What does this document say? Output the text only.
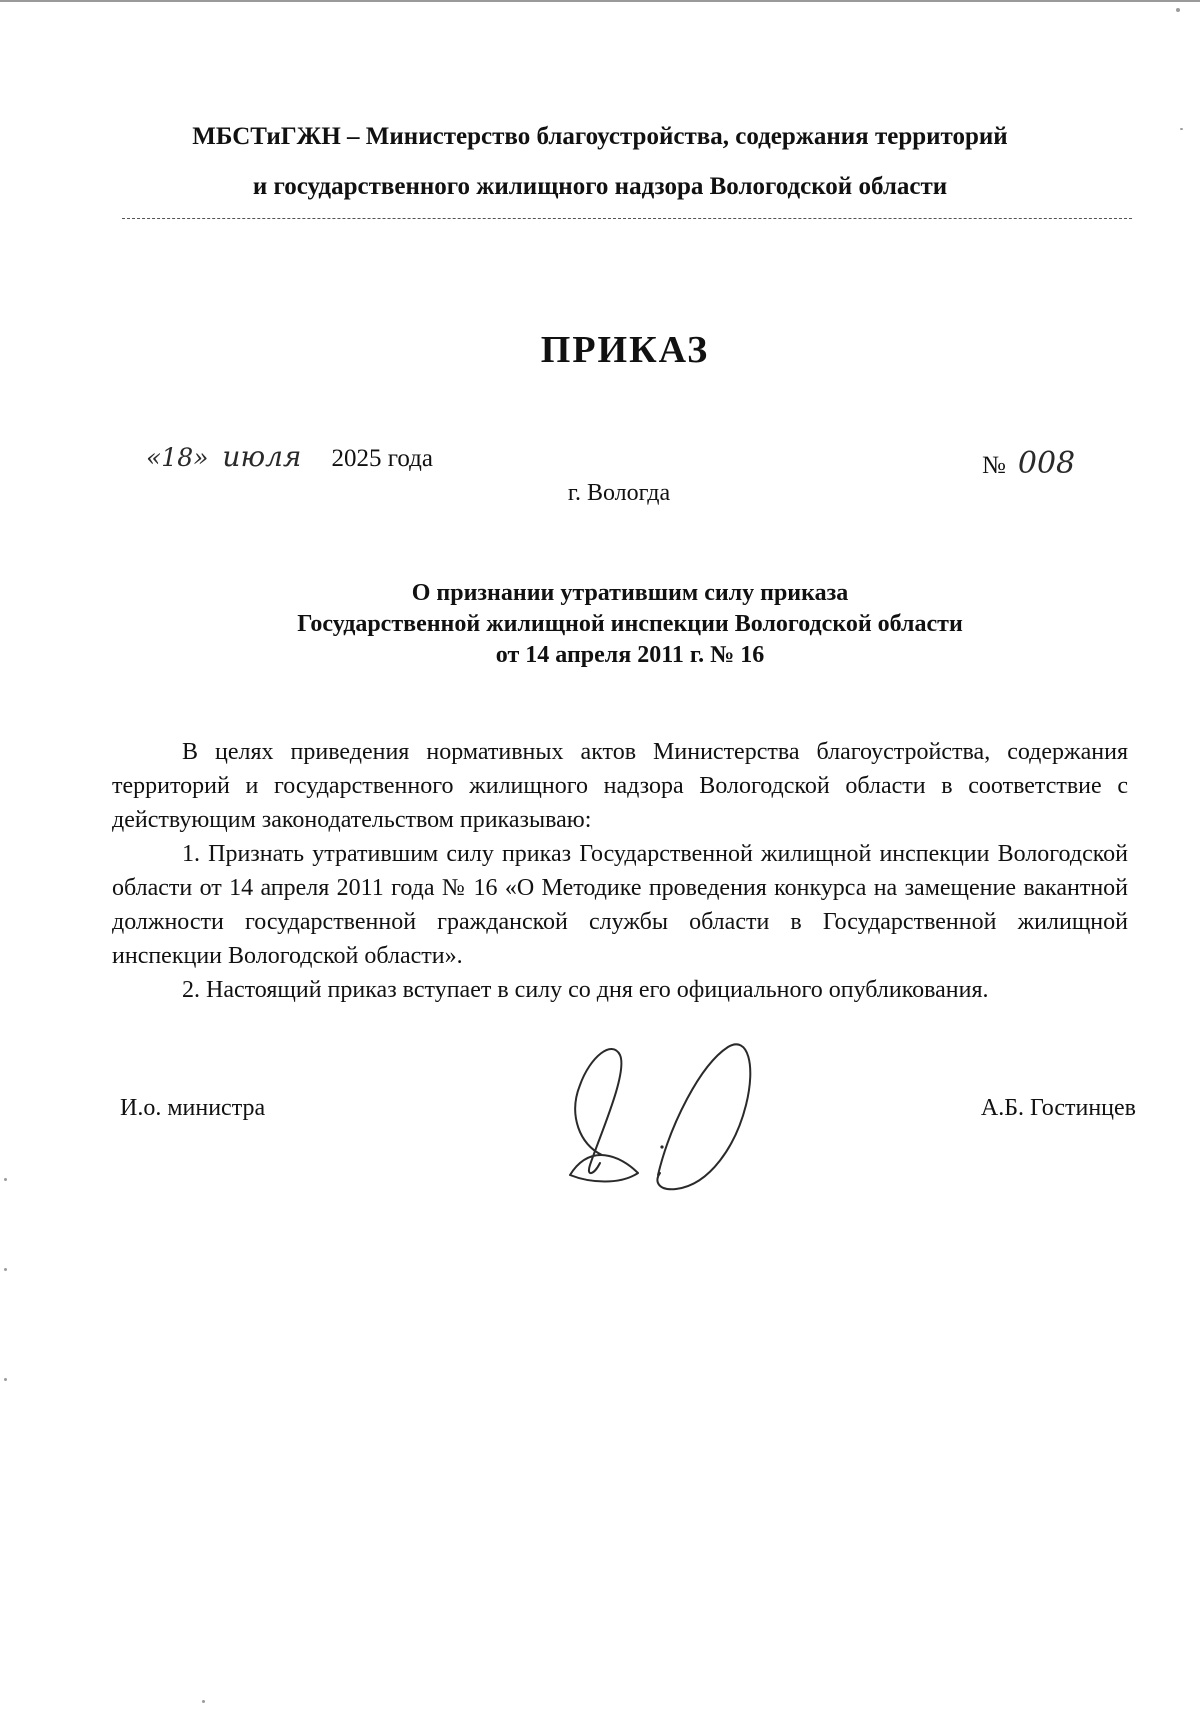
МБСТиГЖН – Министерство благоустройства, содержания территорий
и государственного жилищного надзора Вологодской области
ПРИКАЗ
«18» июля 2025 года	№ 008
г. Вологда
О признании утратившим силу приказа
Государственной жилищной инспекции Вологодской области
от 14 апреля 2011 г. № 16

В целях приведения нормативных актов Министерства благоустройства, содержания территорий и государственного жилищного надзора Вологодской области в соответствие с действующим законодательством приказываю:

1. Признать утратившим силу приказ Государственной жилищной инспекции Вологодской области от 14 апреля 2011 года № 16 «О Методике проведения конкурса на замещение вакантной должности государственной гражданской службы области в Государственной жилищной инспекции Вологодской области».

2. Настоящий приказ вступает в силу со дня его официального опубликования.

И.о. министра	А.Б. Гостинцев
